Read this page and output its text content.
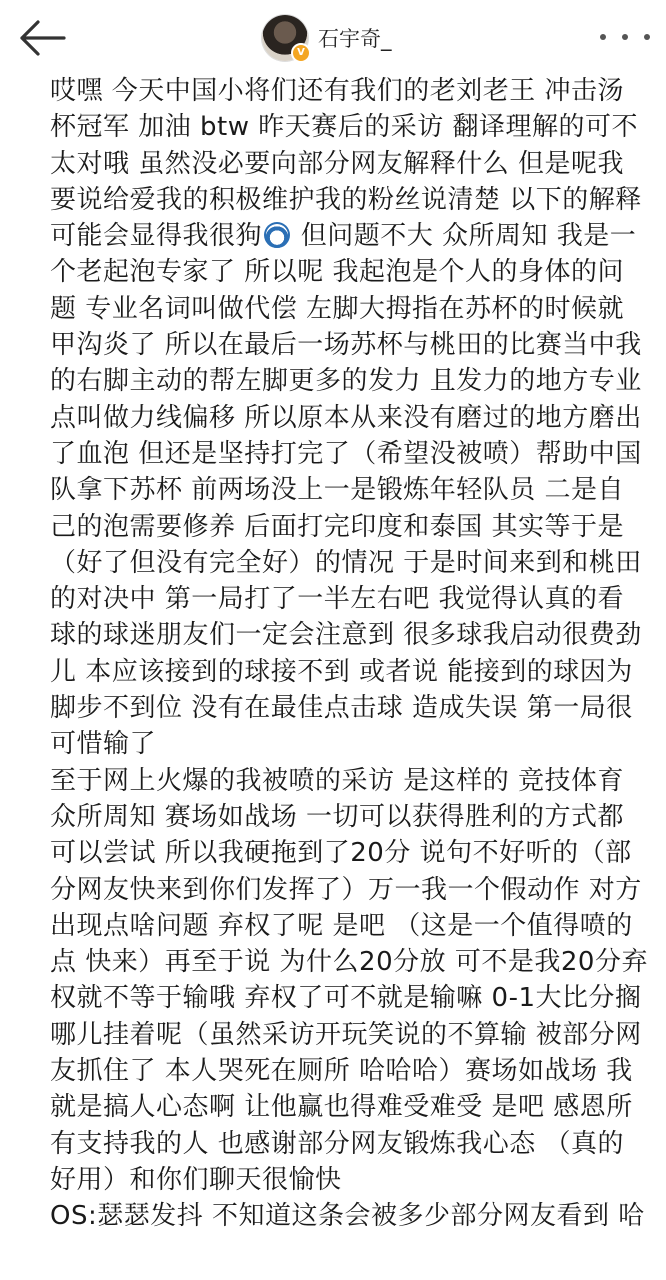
V
石宇奇_

哎嘿 今天中国小将们还有我们的老刘老王 冲击汤杯冠军 加油 btw 昨天赛后的采访 翻译理解的可不太对哦 虽然没必要向部分网友解释什么 但是呢我要说给爱我的积极维护我的粉丝说清楚 以下的解释可能会显得我很狗 但问题不大 众所周知 我是一个老起泡专家了 所以呢 我起泡是个人的身体的问题 专业名词叫做代偿 左脚大拇指在苏杯的时候就甲沟炎了 所以在最后一场苏杯与桃田的比赛当中我的右脚主动的帮左脚更多的发力 且发力的地方专业点叫做力线偏移 所以原本从来没有磨过的地方磨出了血泡 但还是坚持打完了（希望没被喷）帮助中国队拿下苏杯 前两场没上一是锻炼年轻队员 二是自己的泡需要修养 后面打完印度和泰国 其实等于是（好了但没有完全好）的情况 于是时间来到和桃田的对决中 第一局打了一半左右吧 我觉得认真的看球的球迷朋友们一定会注意到 很多球我启动很费劲儿 本应该接到的球接不到 或者说 能接到的球因为脚步不到位 没有在最佳点击球 造成失误 第一局很可惜输了
至于网上火爆的我被喷的采访 是这样的 竞技体育众所周知 赛场如战场 一切可以获得胜利的方式都可以尝试 所以我硬拖到了20分 说句不好听的（部分网友快来到你们发挥了）万一我一个假动作 对方出现点啥问题 弃权了呢 是吧 （这是一个值得喷的点 快来）再至于说 为什么20分放 可不是我20分弃权就不等于输哦 弃权了可不就是输嘛 0-1大比分搁哪儿挂着呢（虽然采访开玩笑说的不算输 被部分网友抓住了 本人哭死在厕所 哈哈哈）赛场如战场 我就是搞人心态啊 让他赢也得难受难受 是吧 感恩所有支持我的人 也感谢部分网友锻炼我心态 （真的好用）和你们聊天很愉快
OS:瑟瑟发抖 不知道这条会被多少部分网友看到 哈
